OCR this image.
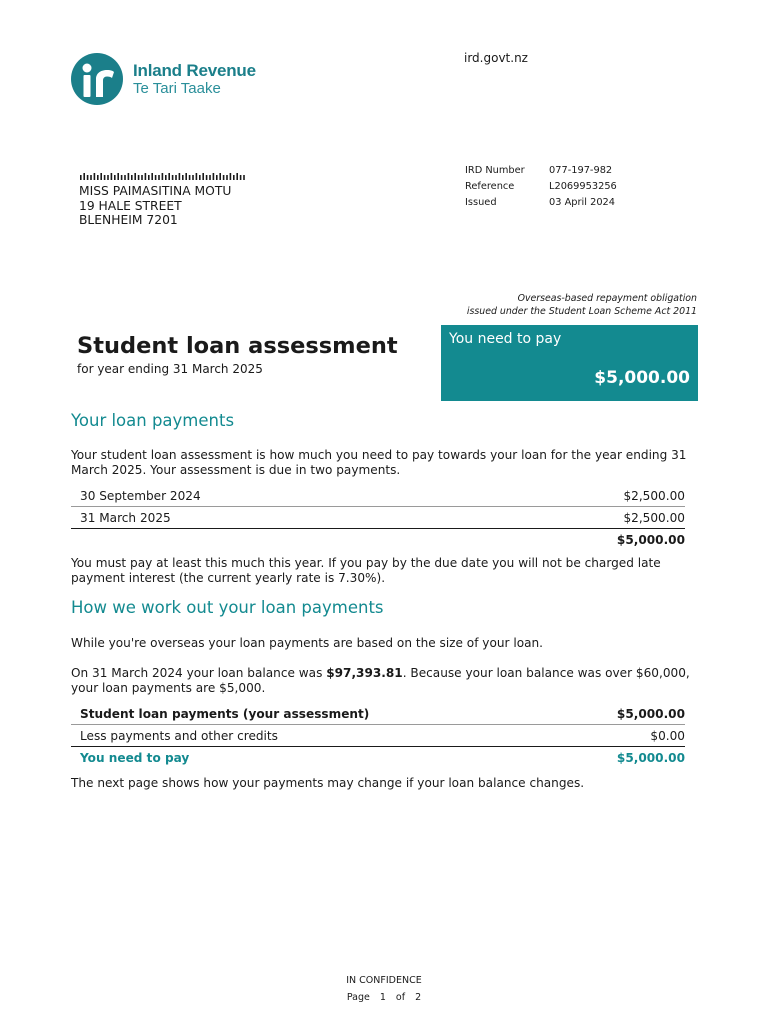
Inland Revenue
Te Tari Taake
ird.govt.nz
MISS PAIMASITINA MOTU
19 HALE STREET
BLENHEIM 7201
IRD Number	077-197-982
Reference	L2069953256
Issued	03 April 2024
Overseas-based repayment obligation
issued under the Student Loan Scheme Act 2011
Student loan assessment
for year ending 31 March 2025
You need to pay
$5,000.00
Your loan payments
Your student loan assessment is how much you need to pay towards your loan for the year ending 31 March 2025. Your assessment is due in two payments.
30 September 2024	$2,500.00
31 March 2025	$2,500.00
$5,000.00
You must pay at least this much this year. If you pay by the due date you will not be charged late payment interest (the current yearly rate is 7.30%).
How we work out your loan payments
While you're overseas your loan payments are based on the size of your loan.
On 31 March 2024 your loan balance was $97,393.81. Because your loan balance was over $60,000, your loan payments are $5,000.
Student loan payments (your assessment)	$5,000.00
Less payments and other credits	$0.00
You need to pay	$5,000.00
The next page shows how your payments may change if your loan balance changes.
IN CONFIDENCE
Page 1 of 2
